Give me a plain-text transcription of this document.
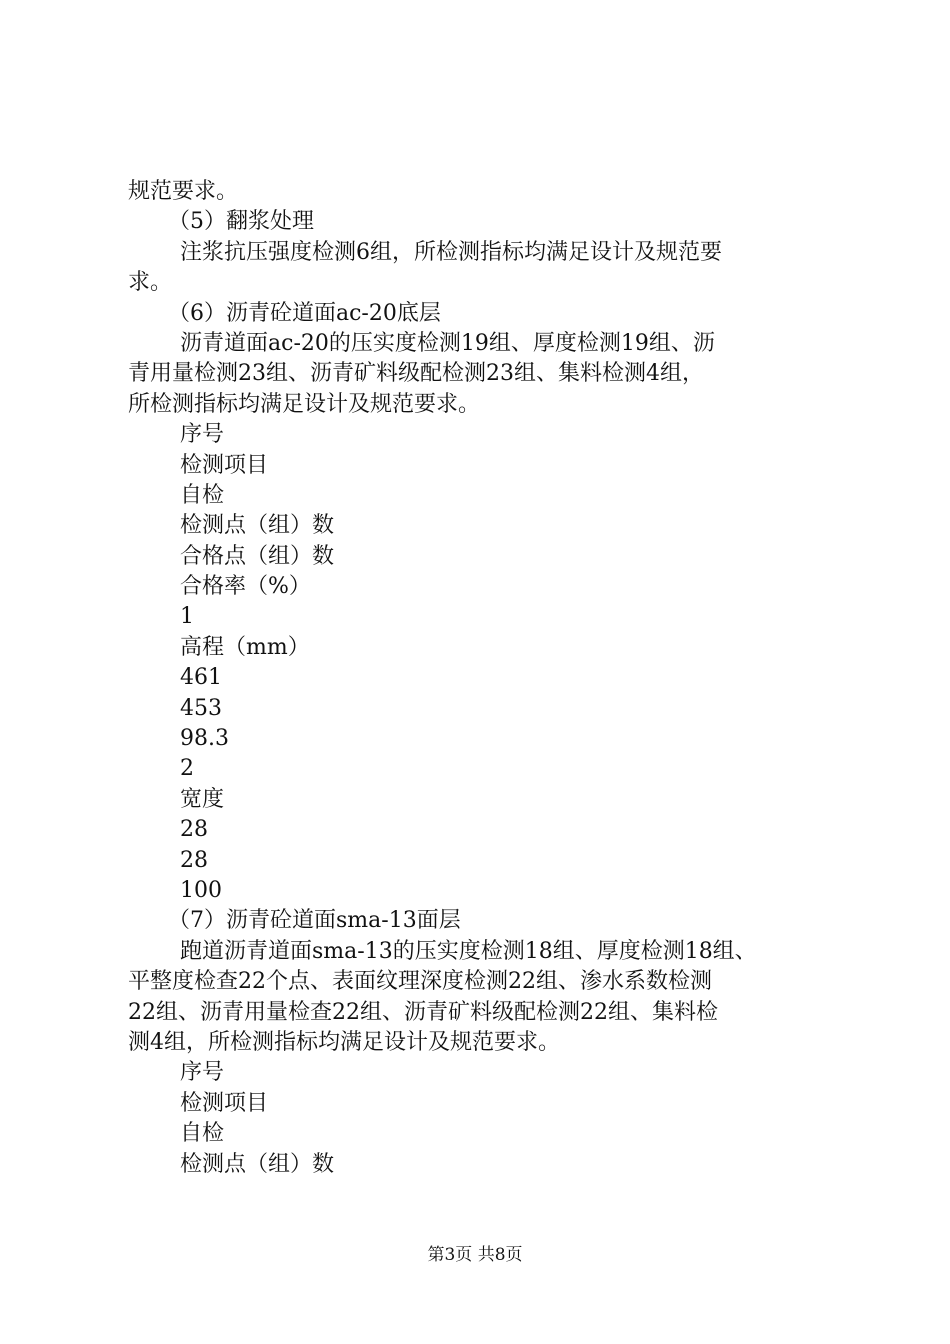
规范要求。

（5）翻浆处理

注浆抗压强度检测6组，所检测指标均满足设计及规范要

求。

（6）沥青砼道面ac-20底层

沥青道面ac-20的压实度检测19组、厚度检测19组、沥

青用量检测23组、沥青矿料级配检测23组、集料检测4组，

所检测指标均满足设计及规范要求。

序号

检测项目

自检

检测点（组）数

合格点（组）数

合格率（%）

1

高程（mm）

461

453

98.3

2

宽度

28

28

100

（7）沥青砼道面sma-13面层

跑道沥青道面sma-13的压实度检测18组、厚度检测18组、

平整度检查22个点、表面纹理深度检测22组、渗水系数检测

22组、沥青用量检查22组、沥青矿料级配检测22组、集料检

测4组，所检测指标均满足设计及规范要求。

序号

检测项目

自检

检测点（组）数

第3页 共8页
